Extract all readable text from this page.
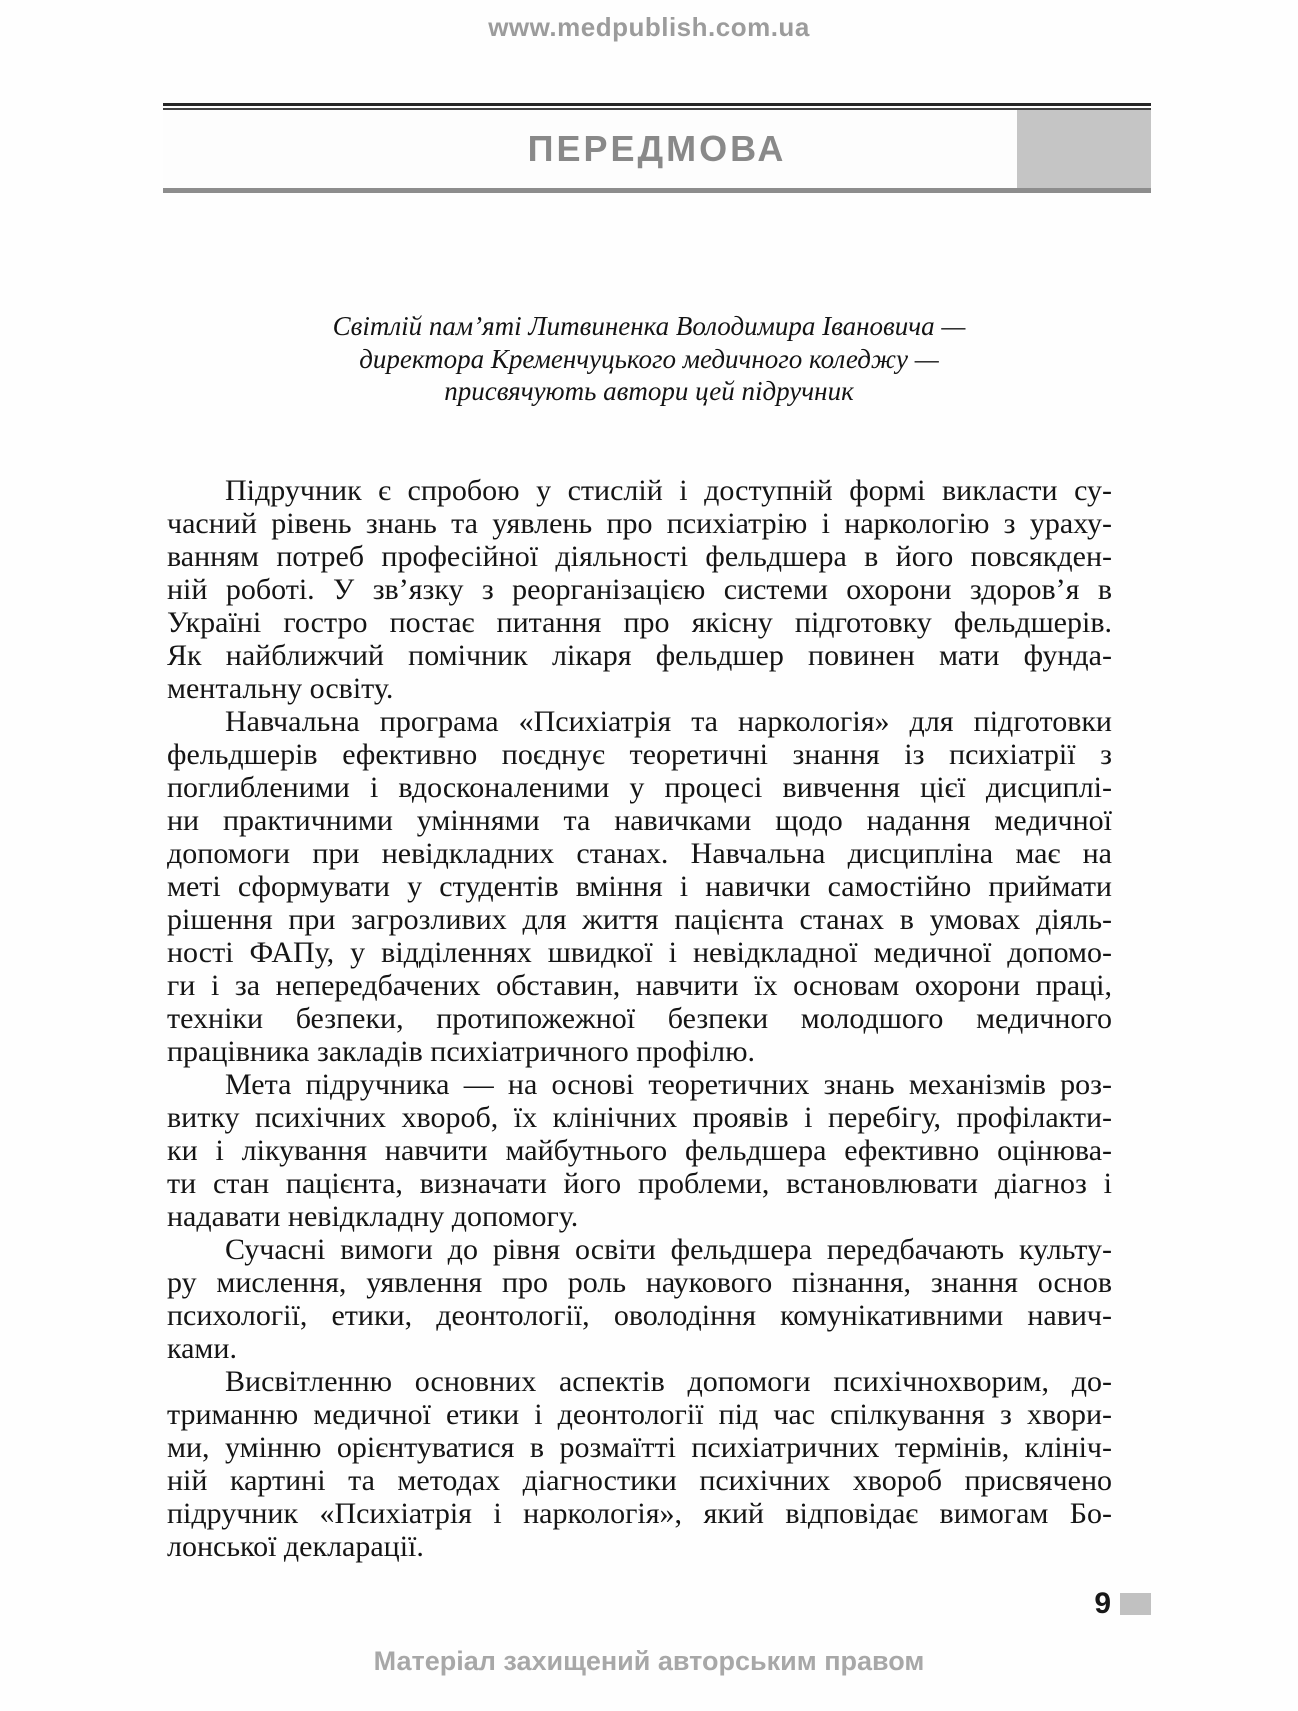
www.medpublish.com.ua
ПЕРЕДМОВА
Світлій пам’яті Литвиненка Володимира Івановича —
директора Кременчуцького медичного коледжу —
присвячують автори цей підручник
Підручник є спробою у стислій і доступній формі викласти су-
часний рівень знань та уявлень про психіатрію і наркологію з ураху-
ванням потреб професійної діяльності фельдшера в його повсякден-
ній роботі. У зв’язку з реорганізацією системи охорони здоров’я в
Україні гостро постає питання про якісну підготовку фельдшерів.
Як найближчий помічник лікаря фельдшер повинен мати фунда-
ментальну освіту.
Навчальна програма «Психіатрія та наркологія» для підготовки
фельдшерів ефективно поєднує теоретичні знання із психіатрії з
поглибленими і вдосконаленими у процесі вивчення цієї дисциплі-
ни практичними уміннями та навичками щодо надання медичної
допомоги при невідкладних станах. Навчальна дисципліна має на
меті сформувати у студентів вміння і навички самостійно приймати
рішення при загрозливих для життя пацієнта станах в умовах діяль-
ності ФАПу, у відділеннях швидкої і невідкладної медичної допомо-
ги і за непередбачених обставин, навчити їх основам охорони праці,
техніки безпеки, протипожежної безпеки молодшого медичного
працівника закладів психіатричного профілю.
Мета підручника — на основі теоретичних знань механізмів роз-
витку психічних хвороб, їх клінічних проявів і перебігу, профілакти-
ки і лікування навчити майбутнього фельдшера ефективно оцінюва-
ти стан пацієнта, визначати його проблеми, встановлювати діагноз і
надавати невідкладну допомогу.
Сучасні вимоги до рівня освіти фельдшера передбачають культу-
ру мислення, уявлення про роль наукового пізнання, знання основ
психології, етики, деонтології, оволодіння комунікативними навич-
ками.
Висвітленню основних аспектів допомоги психічнохворим, до-
триманню медичної етики і деонтології під час спілкування з хвори-
ми, умінню орієнтуватися в розмаїтті психіатричних термінів, клініч-
ній картині та методах діагностики психічних хвороб присвячено
підручник «Психіатрія і наркологія», який відповідає вимогам Бо-
лонської декларації.
9
Матеріал захищений авторським правом
